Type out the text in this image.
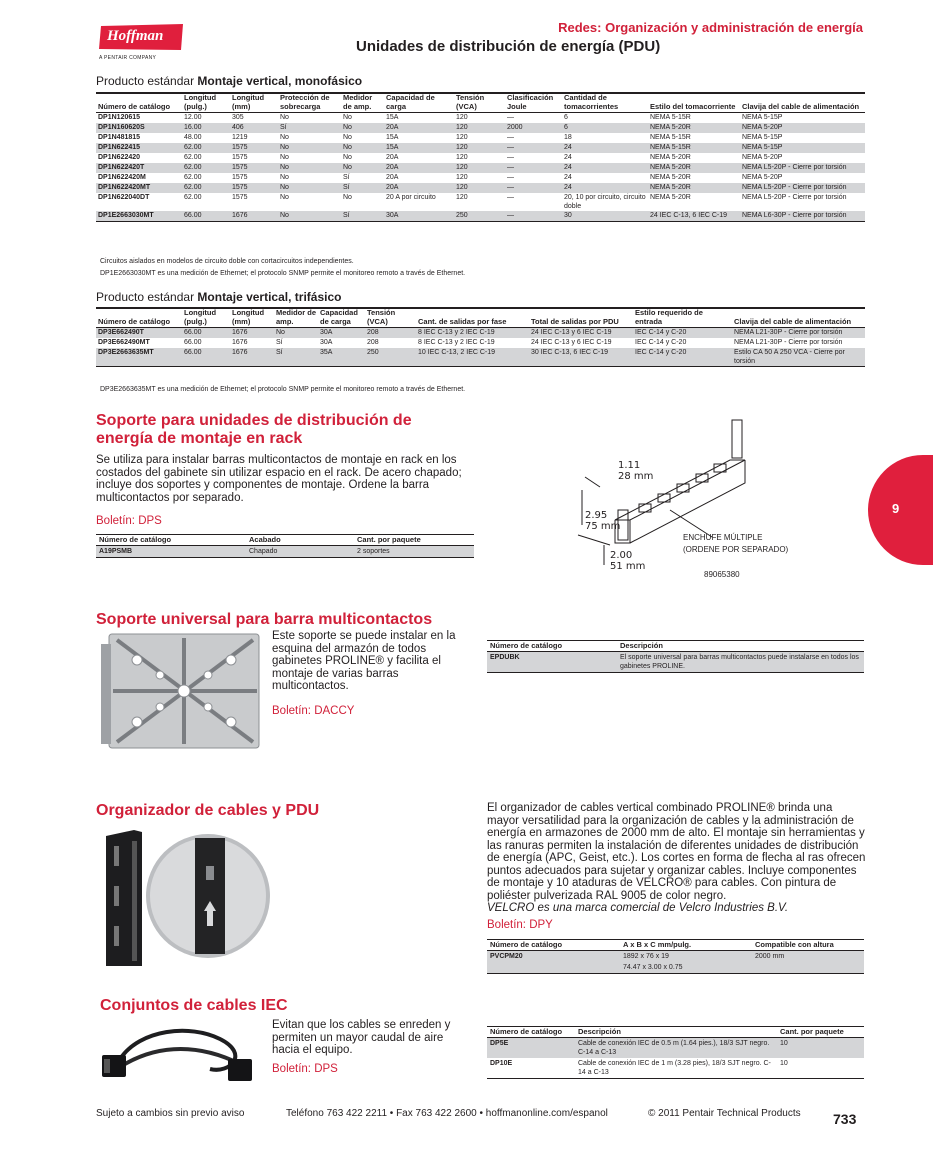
Hoffman
A PENTAIR COMPANY
Redes: Organización y administración de energía
Unidades de distribución de energía (PDU)
9
Producto estándar Montaje vertical, monofásico
Número de catálogo	Longitud (pulg.)	Longitud (mm)	Protección de sobrecarga	Medidor de amp.	Capacidad de carga	Tensión (VCA)	Clasificación Joule	Cantidad de tomacorrientes	Estilo del tomacorriente	Clavija del cable de alimentación
DP1N120615	12.00	305	No	No	15A	120	—	6	NEMA 5-15R	NEMA 5-15P
DP1N160620S	16.00	406	Sí	No	20A	120	2000	6	NEMA 5-20R	NEMA 5-20P
DP1N481815	48.00	1219	No	No	15A	120	—	18	NEMA 5-15R	NEMA 5-15P
DP1N622415	62.00	1575	No	No	15A	120	—	24	NEMA 5-15R	NEMA 5-15P
DP1N622420	62.00	1575	No	No	20A	120	—	24	NEMA 5-20R	NEMA 5-20P
DP1N622420T	62.00	1575	No	No	20A	120	—	24	NEMA 5-20R	NEMA L5-20P - Cierre por torsión
DP1N622420M	62.00	1575	No	Sí	20A	120	—	24	NEMA 5-20R	NEMA 5-20P
DP1N622420MT	62.00	1575	No	Sí	20A	120	—	24	NEMA 5-20R	NEMA L5-20P - Cierre por torsión
DP1N622040DT	62.00	1575	No	No	20 A por circuito	120	—	20, 10 por circuito, circuito doble	NEMA 5-20R	NEMA L5-20P - Cierre por torsión
DP1E2663030MT	66.00	1676	No	Sí	30A	250	—	30	24 IEC C-13, 6 IEC C-19	NEMA L6-30P - Cierre por torsión
Circuitos aislados en modelos de circuito doble con cortacircuitos independientes.
DP1E2663030MT es una medición de Ethernet; el protocolo SNMP permite el monitoreo remoto a través de Ethernet.
Producto estándar Montaje vertical, trifásico
Número de catálogo	Longitud (pulg.)	Longitud (mm)	Medidor de amp.	Capacidad de carga	Tensión (VCA)	Cant. de salidas por fase	Total de salidas por PDU	Estilo requerido de entrada	Clavija del cable de alimentación
DP3E662490T	66.00	1676	No	30A	208	8 IEC C-13 y 2 IEC C-19	24 IEC C-13 y 6 IEC C-19	IEC C-14 y C-20	NEMA L21-30P - Cierre por torsión
DP3E662490MT	66.00	1676	Sí	30A	208	8 IEC C-13 y 2 IEC C-19	24 IEC C-13 y 6 IEC C-19	IEC C-14 y C-20	NEMA L21-30P - Cierre por torsión
DP3E2663635MT	66.00	1676	Sí	35A	250	10 IEC C-13, 2 IEC C-19	30 IEC C-13, 6 IEC C-19	IEC C-14 y C-20	Estilo CA 50 A 250 VCA - Cierre por torsión
DP3E2663635MT es una medición de Ethernet; el protocolo SNMP permite el monitoreo remoto a través de Ethernet.
Soporte para unidades de distribución de energía de montaje en rack
Se utiliza para instalar barras multicontactos de montaje en rack en los costados del gabinete sin utilizar espacio en el rack. De acero chapado; incluye dos soportes y componentes de montaje. Ordene la barra multicontactos por separado.
Boletín: DPS
Número de catálogo	Acabado	Cant. por paquete
A19PSMB	Chapado	2 soportes
1.11
28 mm
2.95
75 mm
2.00
51 mm
ENCHUFE MÚLTIPLE
(ORDENE POR SEPARADO)
89065380
Soporte universal para barra multicontactos
Este soporte se puede instalar en la esquina del armazón de todos gabinetes PROLINE® y facilita el montaje de varias barras multicontactos.
Boletín: DACCY
Número de catálogo	Descripción
EPDUBK	El soporte universal para barras multicontactos puede instalarse en todos los gabinetes PROLINE.
Organizador de cables y PDU	El organizador de cables vertical combinado PROLINE® brinda una mayor versatilidad para la organización de cables y la administración de energía en armazones de 2000 mm de alto. El montaje sin herramientas y las ranuras permiten la instalación de diferentes unidades de distribución de energía (APC, Geist, etc.). Los cortes en forma de flecha al ras ofrecen puntos adecuados para sujetar y organizar cables. Incluye componentes de montaje y 10 ataduras de VELCRO® para cables. Con pintura de poliéster pulverizada RAL 9005 de color negro.
VELCRO es una marca comercial de Velcro Industries B.V.
Boletín: DPY
Número de catálogo	A x B x C mm/pulg.	Compatible con altura
PVCPM20	1892 x 76 x 19	2000 mm
	74.47 x 3.00 x 0.75	
Conjuntos de cables IEC
Evitan que los cables se enreden y permiten un mayor caudal de aire hacia el equipo.
Boletín: DPS
Número de catálogo	Descripción	Cant. por paquete
DP5E	Cable de conexión IEC de 0.5 m (1.64 pies.), 18/3 SJT negro. C-14 a C-13	10
DP10E	Cable de conexión IEC de 1 m (3.28 pies), 18/3 SJT negro. C-14 a C-13	10
Sujeto a cambios sin previo aviso	Teléfono 763 422 2211 • Fax 763 422 2600 • hoffmanonline.com/espanol	© 2011 Pentair Technical Products 733
